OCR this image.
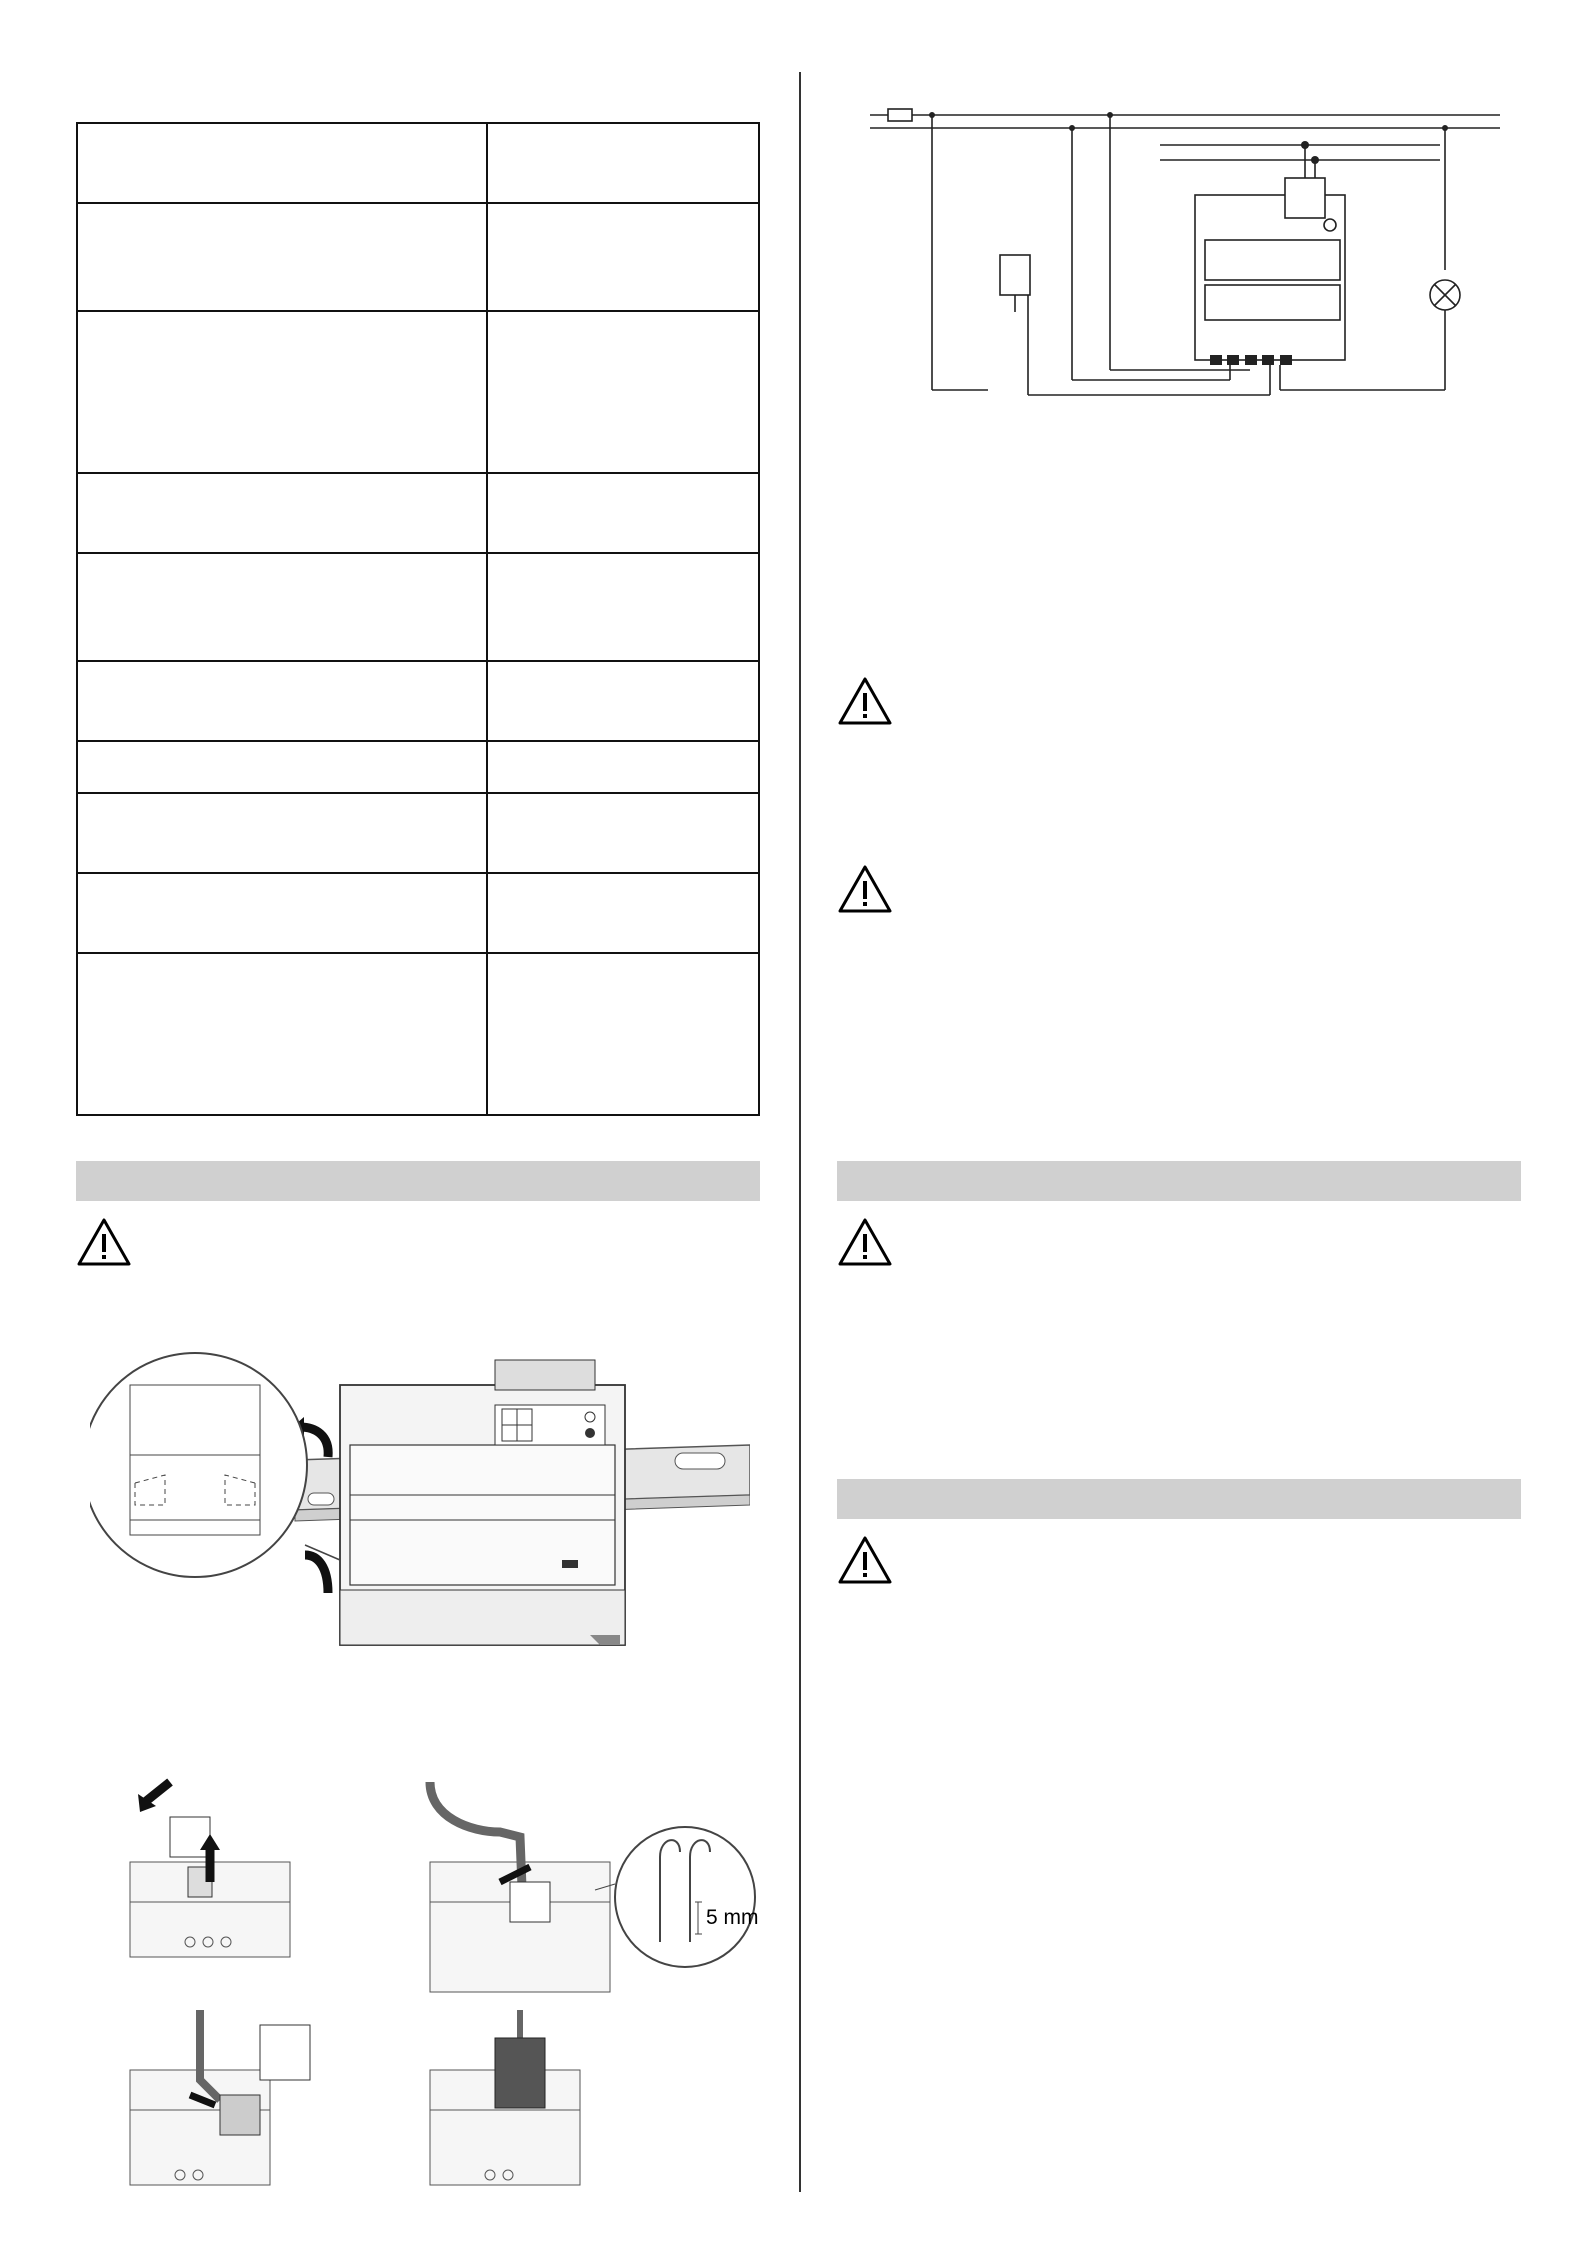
5 mm
